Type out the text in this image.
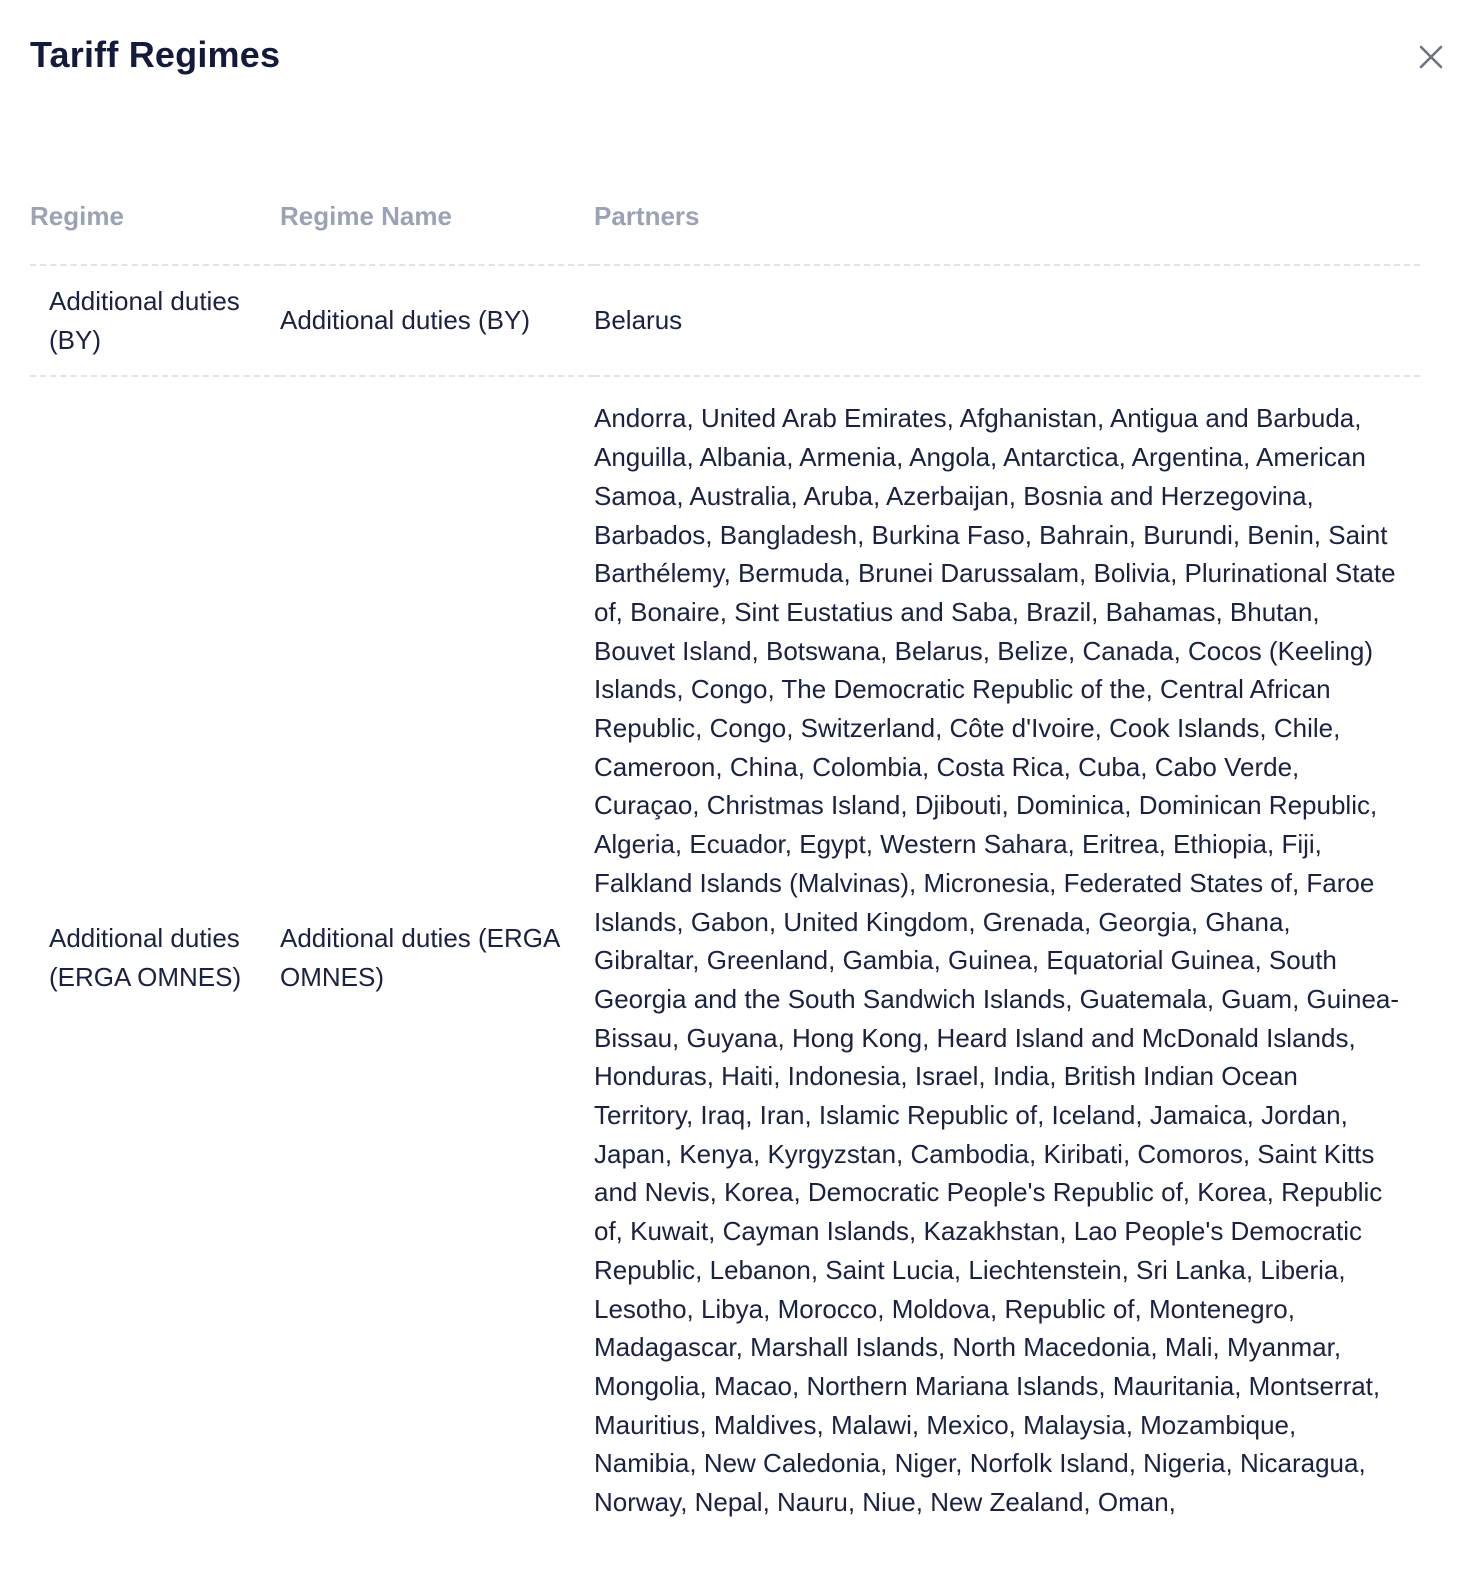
Tariff Regimes
Regime	Regime Name	Partners
Additional duties (BY)	Additional duties (BY)	Belarus
Additional duties (ERGA OMNES)	Additional duties (ERGA OMNES)	Andorra, United Arab Emirates, Afghanistan, Antigua and Barbuda, Anguilla, Albania, Armenia, Angola, Antarctica, Argentina, American Samoa, Australia, Aruba, Azerbaijan, Bosnia and Herzegovina, Barbados, Bangladesh, Burkina Faso, Bahrain, Burundi, Benin, Saint Barthélemy, Bermuda, Brunei Darussalam, Bolivia, Plurinational State of, Bonaire, Sint Eustatius and Saba, Brazil, Bahamas, Bhutan, Bouvet Island, Botswana, Belarus, Belize, Canada, Cocos (Keeling) Islands, Congo, The Democratic Republic of the, Central African Republic, Congo, Switzerland, Côte d'Ivoire, Cook Islands, Chile, Cameroon, China, Colombia, Costa Rica, Cuba, Cabo Verde, Curaçao, Christmas Island, Djibouti, Dominica, Dominican Republic, Algeria, Ecuador, Egypt, Western Sahara, Eritrea, Ethiopia, Fiji, Falkland Islands (Malvinas), Micronesia, Federated States of, Faroe Islands, Gabon, United Kingdom, Grenada, Georgia, Ghana, Gibraltar, Greenland, Gambia, Guinea, Equatorial Guinea, South Georgia and the South Sandwich Islands, Guatemala, Guam, Guinea-Bissau, Guyana, Hong Kong, Heard Island and McDonald Islands, Honduras, Haiti, Indonesia, Israel, India, British Indian Ocean Territory, Iraq, Iran, Islamic Republic of, Iceland, Jamaica, Jordan, Japan, Kenya, Kyrgyzstan, Cambodia, Kiribati, Comoros, Saint Kitts and Nevis, Korea, Democratic People's Republic of, Korea, Republic of, Kuwait, Cayman Islands, Kazakhstan, Lao People's Democratic Republic, Lebanon, Saint Lucia, Liechtenstein, Sri Lanka, Liberia, Lesotho, Libya, Morocco, Moldova, Republic of, Montenegro, Madagascar, Marshall Islands, North Macedonia, Mali, Myanmar, Mongolia, Macao, Northern Mariana Islands, Mauritania, Montserrat, Mauritius, Maldives, Malawi, Mexico, Malaysia, Mozambique, Namibia, New Caledonia, Niger, Norfolk Island, Nigeria, Nicaragua, Norway, Nepal, Nauru, Niue, New Zealand, Oman,
